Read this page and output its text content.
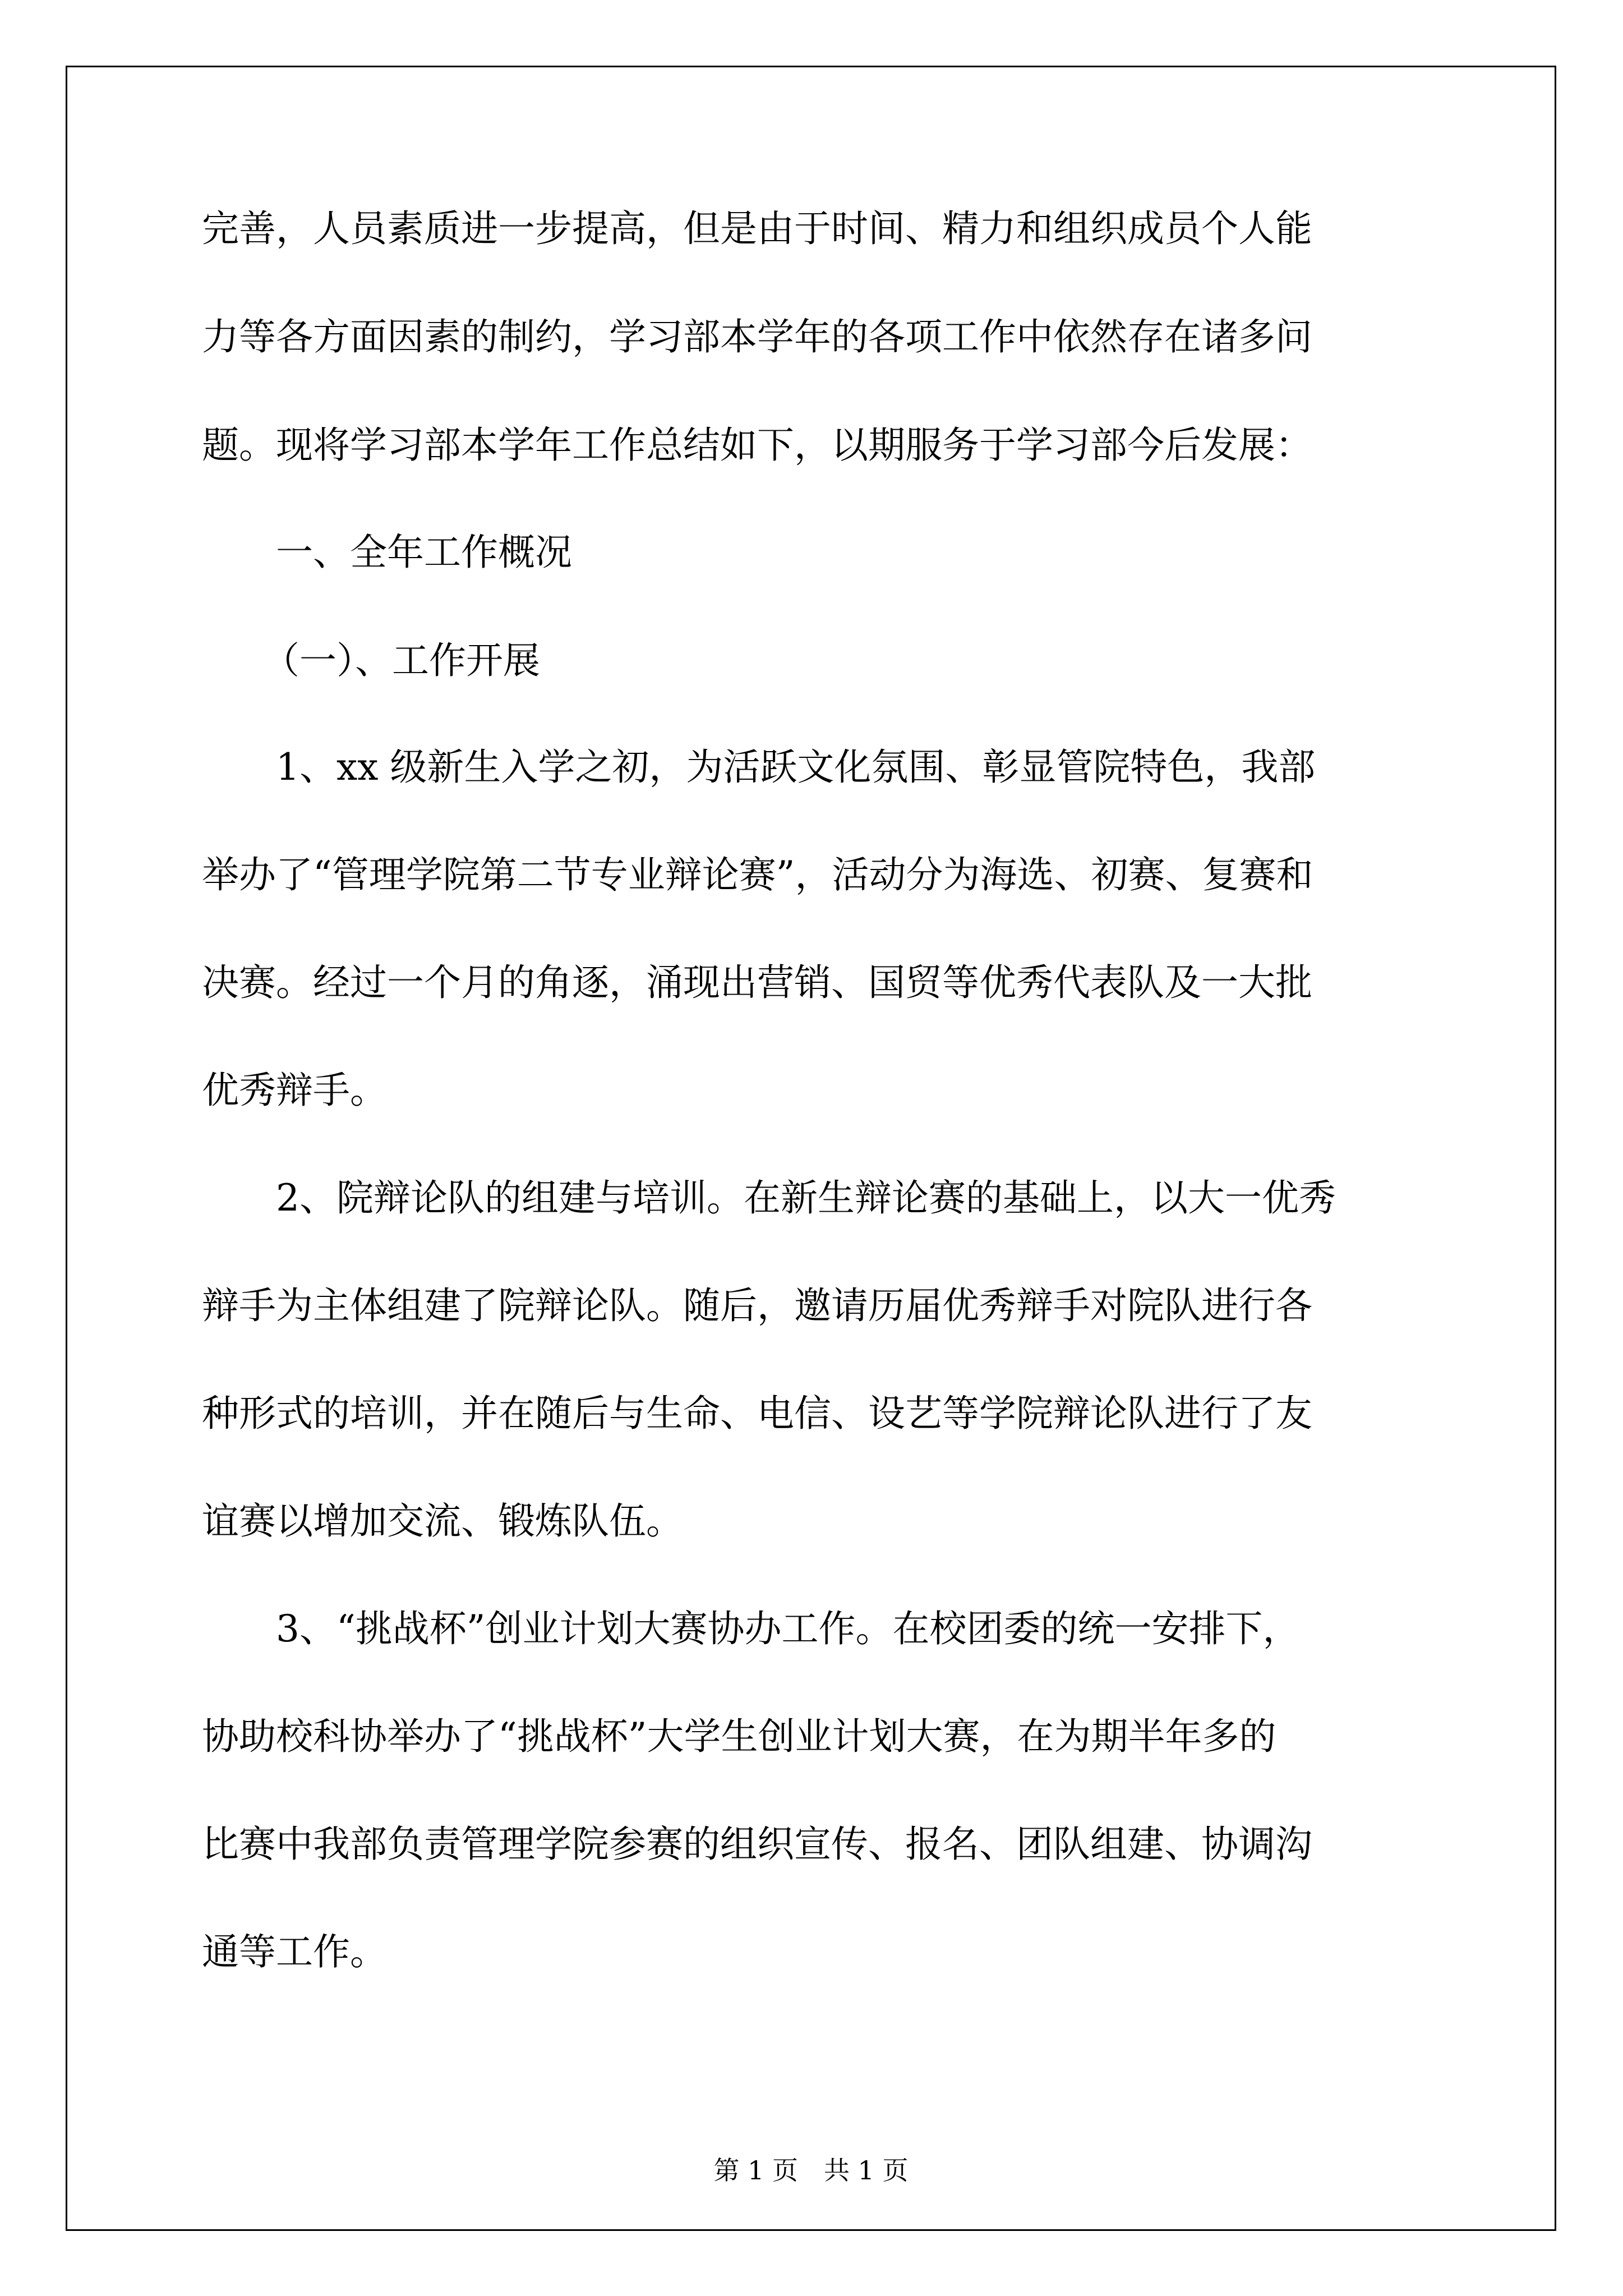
完善，人员素质进一步提高，但是由于时间、精力和组织成员个人能

力等各方面因素的制约，学习部本学年的各项工作中依然存在诸多问

题。现将学习部本学年工作总结如下，以期服务于学习部今后发展：

一、全年工作概况

（一）、工作开展

1、xx 级新生入学之初，为活跃文化氛围、彰显管院特色，我部

举办了“管理学院第二节专业辩论赛”，活动分为海选、初赛、复赛和

决赛。经过一个月的角逐，涌现出营销、国贸等优秀代表队及一大批

优秀辩手。

2、院辩论队的组建与培训。在新生辩论赛的基础上，以大一优秀

辩手为主体组建了院辩论队。随后，邀请历届优秀辩手对院队进行各

种形式的培训，并在随后与生命、电信、设艺等学院辩论队进行了友

谊赛以增加交流、锻炼队伍。

3、“挑战杯”创业计划大赛协办工作。在校团委的统一安排下，

协助校科协举办了“挑战杯”大学生创业计划大赛，在为期半年多的

比赛中我部负责管理学院参赛的组织宣传、报名、团队组建、协调沟

通等工作。

第 1 页　共 1 页
